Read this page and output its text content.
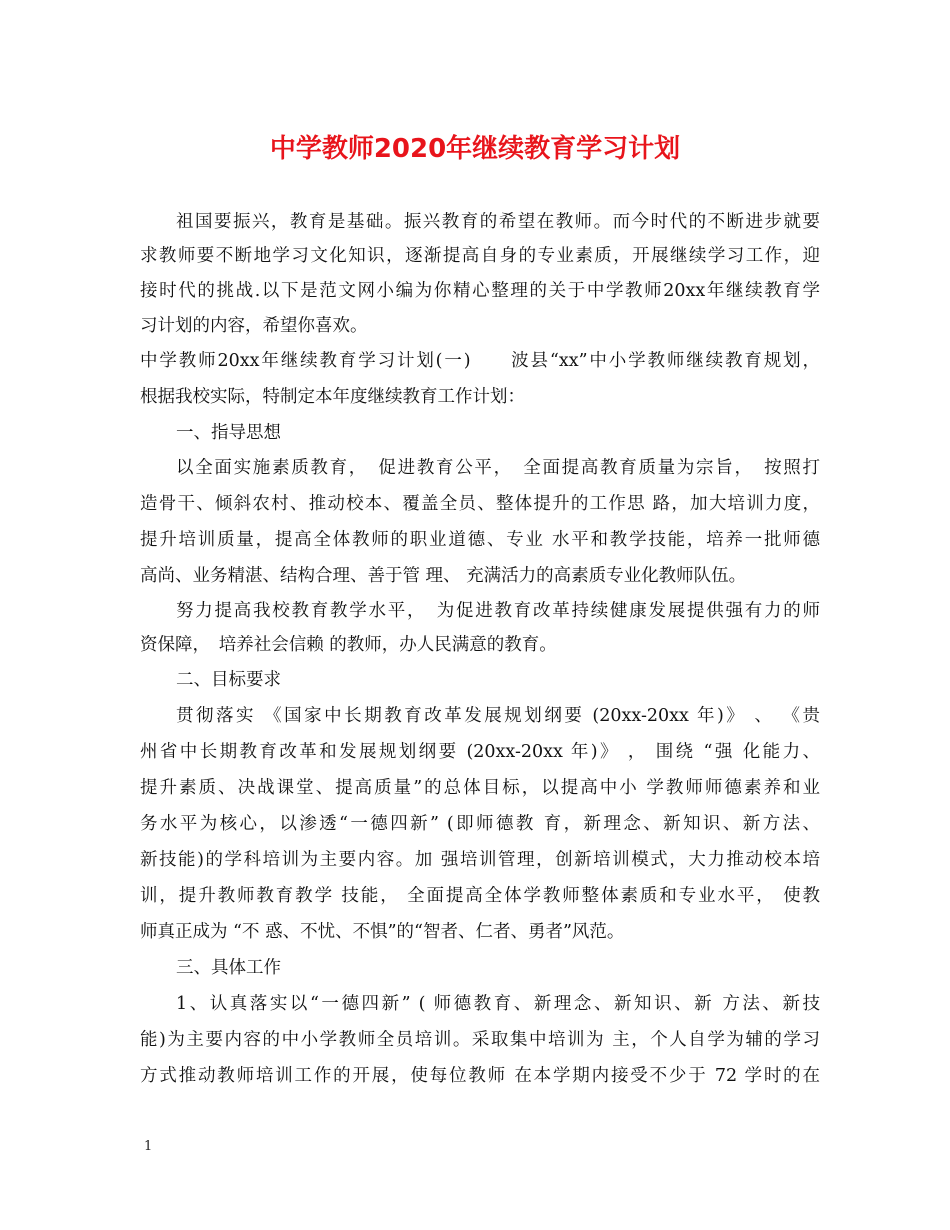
中学教师2020年继续教育学习计划
祖国要振兴，教育是基础。振兴教育的希望在教师。而今时代的不断进步就要
求教师要不断地学习文化知识，逐渐提高自身的专业素质，开展继续学习工作，迎
接时代的挑战.以下是范文网小编为你精心整理的关于中学教师20xx年继续教育学
习计划的内容，希望你喜欢。
中学教师20xx年继续教育学习计划(一)　　波县“xx”中小学教师继续教育规划，
根据我校实际，特制定本年度继续教育工作计划：
一、指导思想
以全面实施素质教育，　促进教育公平，　全面提高教育质量为宗旨，　按照打
造骨干、倾斜农村、推动校本、覆盖全员、整体提升的工作思 路，加大培训力度，
提升培训质量，提高全体教师的职业道德、专业 水平和教学技能，培养一批师德
高尚、业务精湛、结构合理、善于管 理、 充满活力的高素质专业化教师队伍。
努力提高我校教育教学水平，　为促进教育改革持续健康发展提供强有力的师
资保障，　培养社会信赖 的教师，办人民满意的教育。
二、目标要求
贯彻落实 《国家中长期教育改革发展规划纲要 (20xx-20xx 年)》 、 《贵
州省中长期教育改革和发展规划纲要 (20xx-20xx 年)》 ， 围绕 “强 化能力、
提升素质、决战课堂、提高质量”的总体目标，以提高中小 学教师师德素养和业
务水平为核心，以渗透“一德四新” (即师德教 育，新理念、新知识、新方法、
新技能)的学科培训为主要内容。加 强培训管理，创新培训模式，大力推动校本培
训，提升教师教育教学 技能， 全面提高全体学教师整体素质和专业水平， 使教
师真正成为 “不 惑、不忧、不惧”的“智者、仁者、勇者”风范。
三、具体工作
1、认真落实以“一德四新” ( 师德教育、新理念、新知识、新 方法、新技
能)为主要内容的中小学教师全员培训。采取集中培训为 主，个人自学为辅的学习
方式推动教师培训工作的开展，使每位教师 在本学期内接受不少于 72 学时的在
1
